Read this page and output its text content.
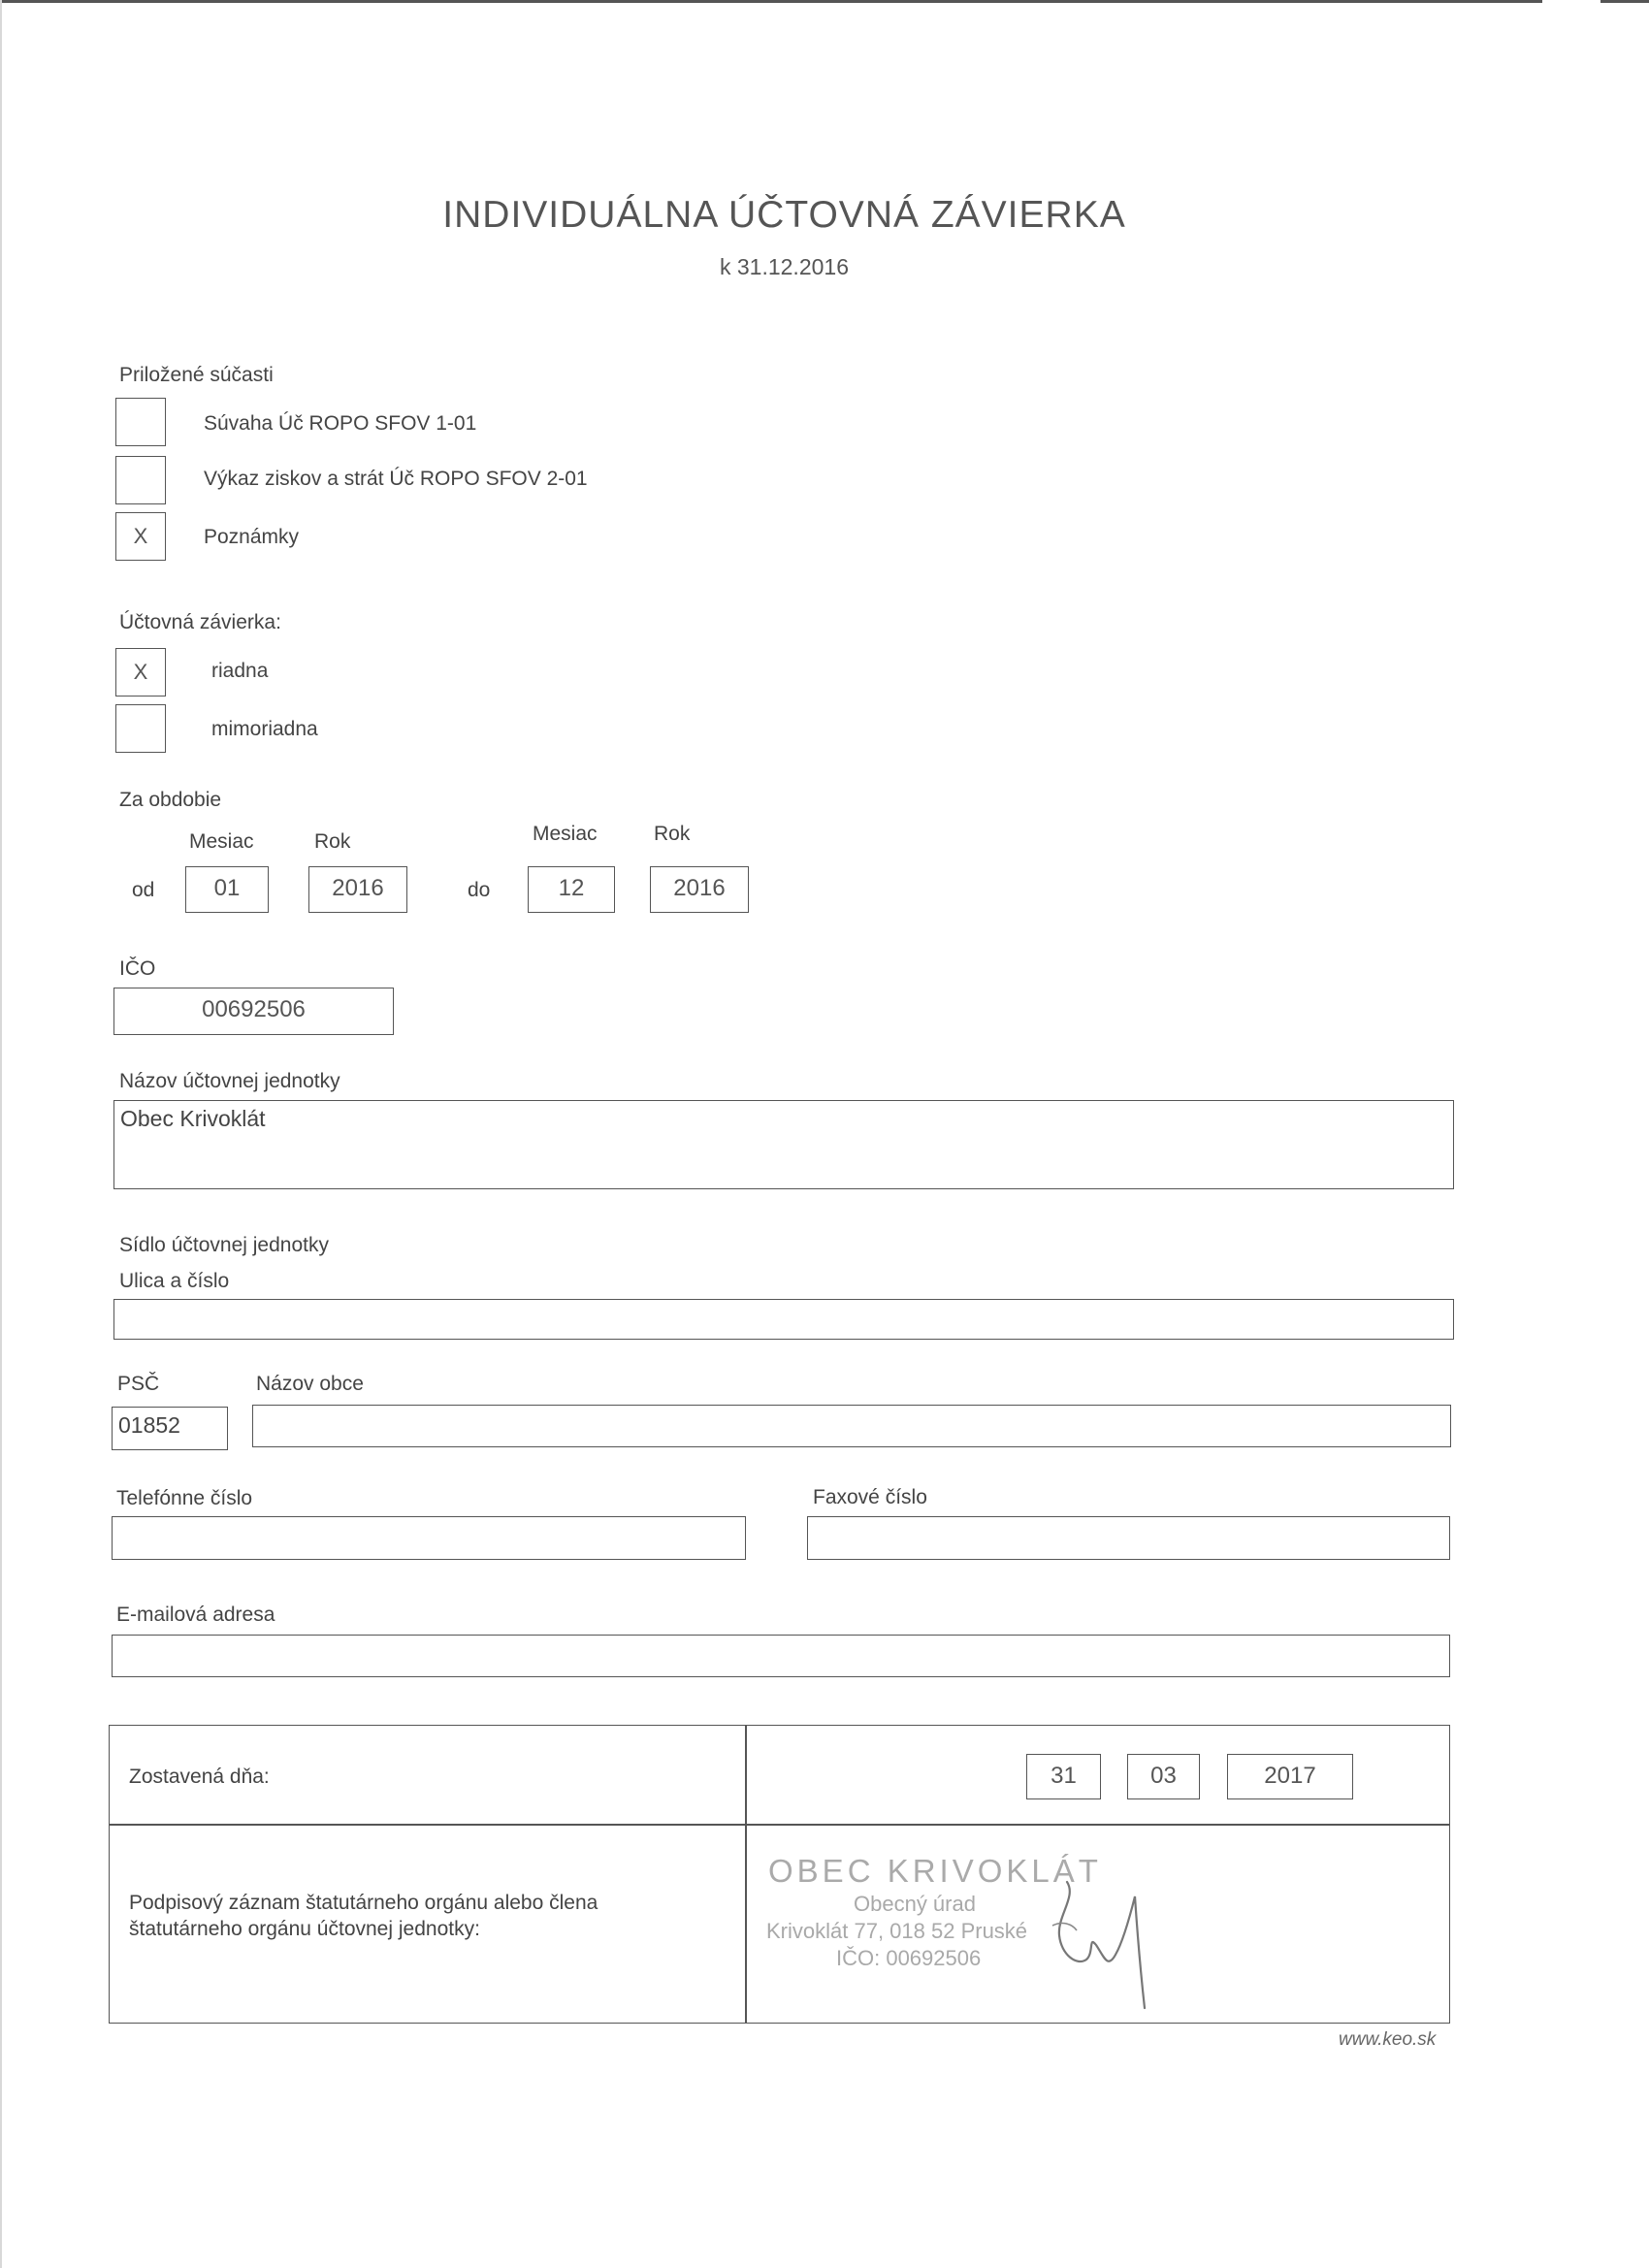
INDIVIDUÁLNA ÚČTOVNÁ ZÁVIERKA
k 31.12.2016
Priložené súčasti
Súvaha Úč ROPO SFOV 1-01
Výkaz ziskov a strát Úč ROPO SFOV 2-01
X	Poznámky
Účtovná závierka:
X	riadna
mimoriadna
Za obdobie
Mesiac	Rok	Mesiac	Rok
od	01	2016	do	12	2016
IČO
00692506
Názov účtovnej jednotky
Obec Krivoklát
Sídlo účtovnej jednotky
Ulica a číslo
PSČ	Názov obce
01852
Telefónne číslo	Faxové číslo
E-mailová adresa
Zostavená dňa:	31	03	2017
Podpisový záznam štatutárneho orgánu alebo člena
štatutárneho orgánu účtovnej jednotky:
OBEC KRIVOKLÁT
Obecný úrad
Krivoklát 77, 018 52 Pruské
IČO: 00692506
www.keo.sk
